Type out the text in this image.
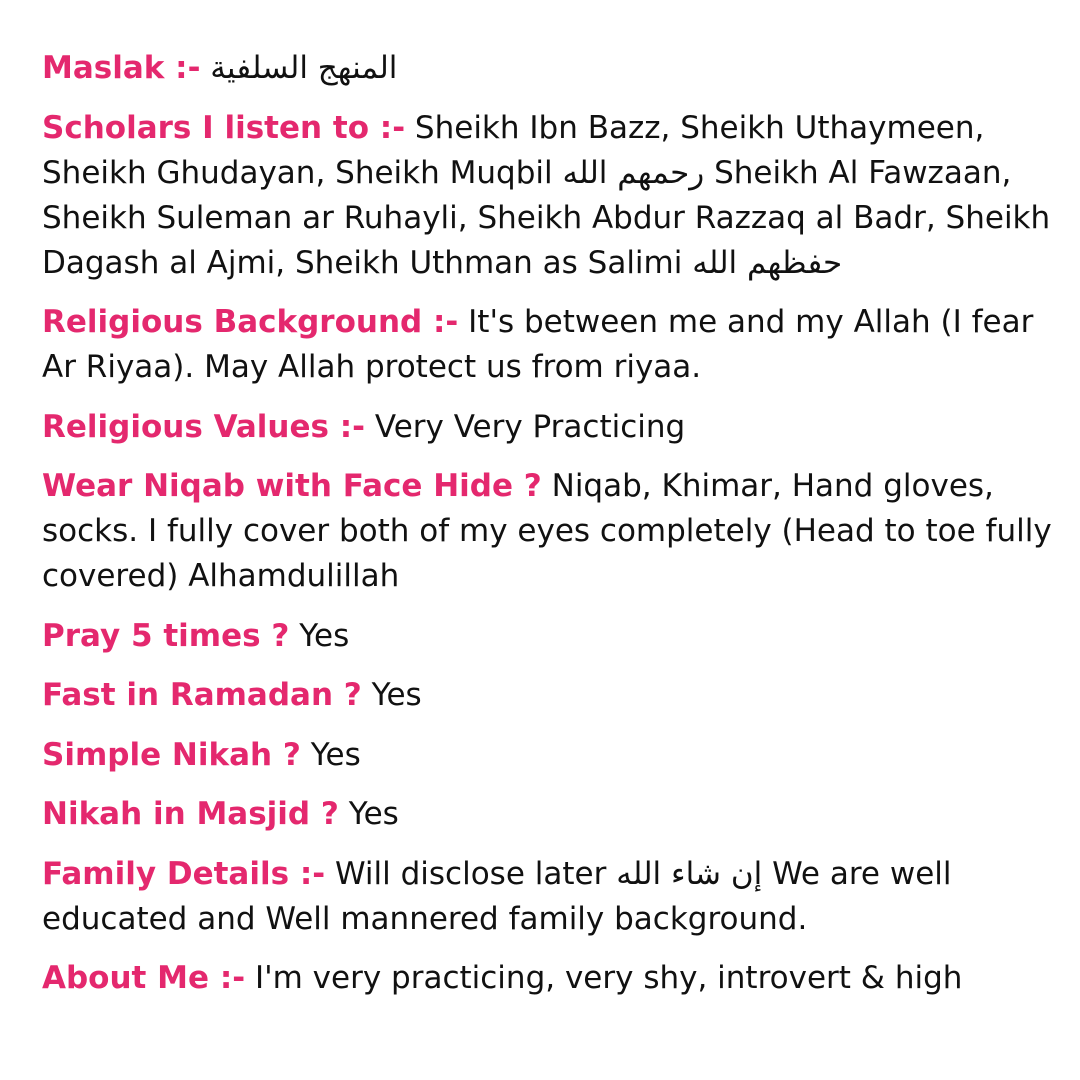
Maslak :- المنهج السلفية

Scholars I listen to :- Sheikh Ibn Bazz, Sheikh Uthaymeen, Sheikh Ghudayan, Sheikh Muqbil رحمهم الله Sheikh Al Fawzaan, Sheikh Suleman ar Ruhayli, Sheikh Abdur Razzaq al Badr, Sheikh Dagash al Ajmi, Sheikh Uthman as Salimi حفظهم الله

Religious Background :- It's between me and my Allah (I fear Ar Riyaa). May Allah protect us from riyaa.

Religious Values :- Very Very Practicing

Wear Niqab with Face Hide ? Niqab, Khimar, Hand gloves, socks. I fully cover both of my eyes completely (Head to toe fully covered) Alhamdulillah

Pray 5 times ? Yes

Fast in Ramadan ? Yes

Simple Nikah ? Yes

Nikah in Masjid ? Yes

Family Details :- Will disclose later إن شاء الله We are well educated and Well mannered family background.

About Me :- I'm very practicing, very shy, introvert & high
